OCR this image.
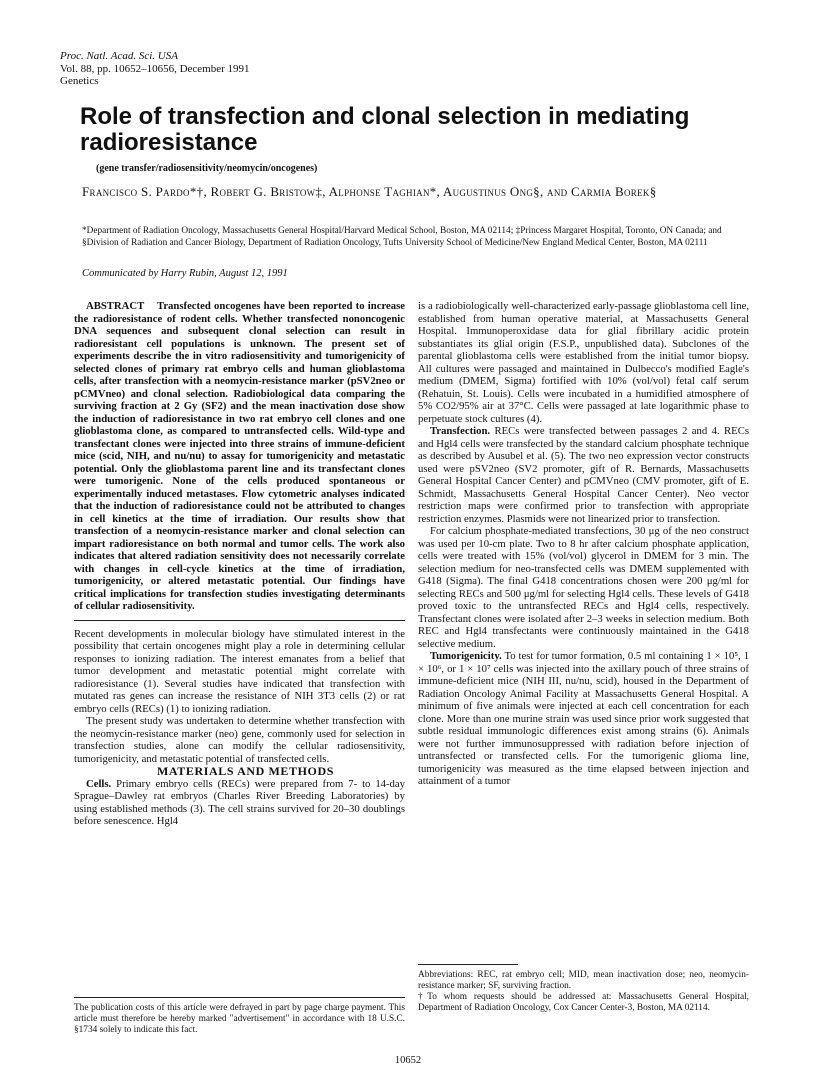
Proc. Natl. Acad. Sci. USA
Vol. 88, pp. 10652–10656, December 1991
Genetics
Role of transfection and clonal selection in mediating radioresistance
(gene transfer/radiosensitivity/neomycin/oncogenes)
Francisco S. Pardo*†, Robert G. Bristow‡, Alphonse Taghian*, Augustinus Ong§, and Carmia Borek§
*Department of Radiation Oncology, Massachusetts General Hospital/Harvard Medical School, Boston, MA 02114; ‡Princess Margaret Hospital, Toronto, ON Canada; and §Division of Radiation and Cancer Biology, Department of Radiation Oncology, Tufts University School of Medicine/New England Medical Center, Boston, MA 02111
Communicated by Harry Rubin, August 12, 1991

ABSTRACT Transfected oncogenes have been reported to increase the radioresistance of rodent cells. Whether transfected nononcogenic DNA sequences and subsequent clonal selection can result in radioresistant cell populations is unknown. The present set of experiments describe the in vitro radiosensitivity and tumorigenicity of selected clones of primary rat embryo cells and human glioblastoma cells, after transfection with a neomycin-resistance marker (pSV2neo or pCMVneo) and clonal selection. Radiobiological data comparing the surviving fraction at 2 Gy (SF2) and the mean inactivation dose show the induction of radioresistance in two rat embryo cell clones and one glioblastoma clone, as compared to untransfected cells. Wild-type and transfectant clones were injected into three strains of immune-deficient mice (scid, NIH, and nu/nu) to assay for tumorigenicity and metastatic potential. Only the glioblastoma parent line and its transfectant clones were tumorigenic. None of the cells produced spontaneous or experimentally induced metastases. Flow cytometric analyses indicated that the induction of radioresistance could not be attributed to changes in cell kinetics at the time of irradiation. Our results show that transfection of a neomycin-resistance marker and clonal selection can impart radioresistance on both normal and tumor cells. The work also indicates that altered radiation sensitivity does not necessarily correlate with changes in cell-cycle kinetics at the time of irradiation, tumorigenicity, or altered metastatic potential. Our findings have critical implications for transfection studies investigating determinants of cellular radiosensitivity.

Recent developments in molecular biology have stimulated interest in the possibility that certain oncogenes might play a role in determining cellular responses to ionizing radiation. The interest emanates from a belief that tumor development and metastatic potential might correlate with radioresistance (1). Several studies have indicated that transfection with mutated ras genes can increase the resistance of NIH 3T3 cells (2) or rat embryo cells (RECs) (1) to ionizing radiation.

The present study was undertaken to determine whether transfection with the neomycin-resistance marker (neo) gene, commonly used for selection in transfection studies, alone can modify the cellular radiosensitivity, tumorigenicity, and metastatic potential of transfected cells.

MATERIALS AND METHODS

Cells. Primary embryo cells (RECs) were prepared from 7- to 14-day Sprague–Dawley rat embryos (Charles River Breeding Laboratories) by using established methods (3). The cell strains survived for 20–30 doublings before senescence. Hgl4

is a radiobiologically well-characterized early-passage glioblastoma cell line, established from human operative material, at Massachusetts General Hospital. Immunoperoxidase data for glial fibrillary acidic protein substantiates its glial origin (F.S.P., unpublished data). Subclones of the parental glioblastoma cells were established from the initial tumor biopsy. All cultures were passaged and maintained in Dulbecco's modified Eagle's medium (DMEM, Sigma) fortified with 10% (vol/vol) fetal calf serum (Rehatuin, St. Louis). Cells were incubated in a humidified atmosphere of 5% CO2/95% air at 37°C. Cells were passaged at late logarithmic phase to perpetuate stock cultures (4).

Transfection. RECs were transfected between passages 2 and 4. RECs and Hgl4 cells were transfected by the standard calcium phosphate technique as described by Ausubel et al. (5). The two neo expression vector constructs used were pSV2neo (SV2 promoter, gift of R. Bernards, Massachusetts General Hospital Cancer Center) and pCMVneo (CMV promoter, gift of E. Schmidt, Massachusetts General Hospital Cancer Center). Neo vector restriction maps were confirmed prior to transfection with appropriate restriction enzymes. Plasmids were not linearized prior to transfection.

For calcium phosphate-mediated transfections, 30 μg of the neo construct was used per 10-cm plate. Two to 8 hr after calcium phosphate application, cells were treated with 15% (vol/vol) glycerol in DMEM for 3 min. The selection medium for neo-transfected cells was DMEM supplemented with G418 (Sigma). The final G418 concentrations chosen were 200 μg/ml for selecting RECs and 500 μg/ml for selecting Hgl4 cells. These levels of G418 proved toxic to the untransfected RECs and Hgl4 cells, respectively. Transfectant clones were isolated after 2–3 weeks in selection medium. Both REC and Hgl4 transfectants were continuously maintained in the G418 selective medium.

Tumorigenicity. To test for tumor formation, 0.5 ml containing 1 × 10⁵, 1 × 10⁶, or 1 × 10⁷ cells was injected into the axillary pouch of three strains of immune-deficient mice (NIH III, nu/nu, scid), housed in the Department of Radiation Oncology Animal Facility at Massachusetts General Hospital. A minimum of five animals were injected at each cell concentration for each clone. More than one murine strain was used since prior work suggested that subtle residual immunologic differences exist among strains (6). Animals were not further immunosuppressed with radiation before injection of untransfected or transfected cells. For the tumorigenic glioma line, tumorigenicity was measured as the time elapsed between injection and attainment of a tumor

The publication costs of this article were defrayed in part by page charge payment. This article must therefore be hereby marked "advertisement" in accordance with 18 U.S.C. §1734 solely to indicate this fact.
Abbreviations: REC, rat embryo cell; MID, mean inactivation dose; neo, neomycin-resistance marker; SF, surviving fraction.
†To whom requests should be addressed at: Massachusetts General Hospital, Department of Radiation Oncology, Cox Cancer Center-3, Boston, MA 02114.
10652
